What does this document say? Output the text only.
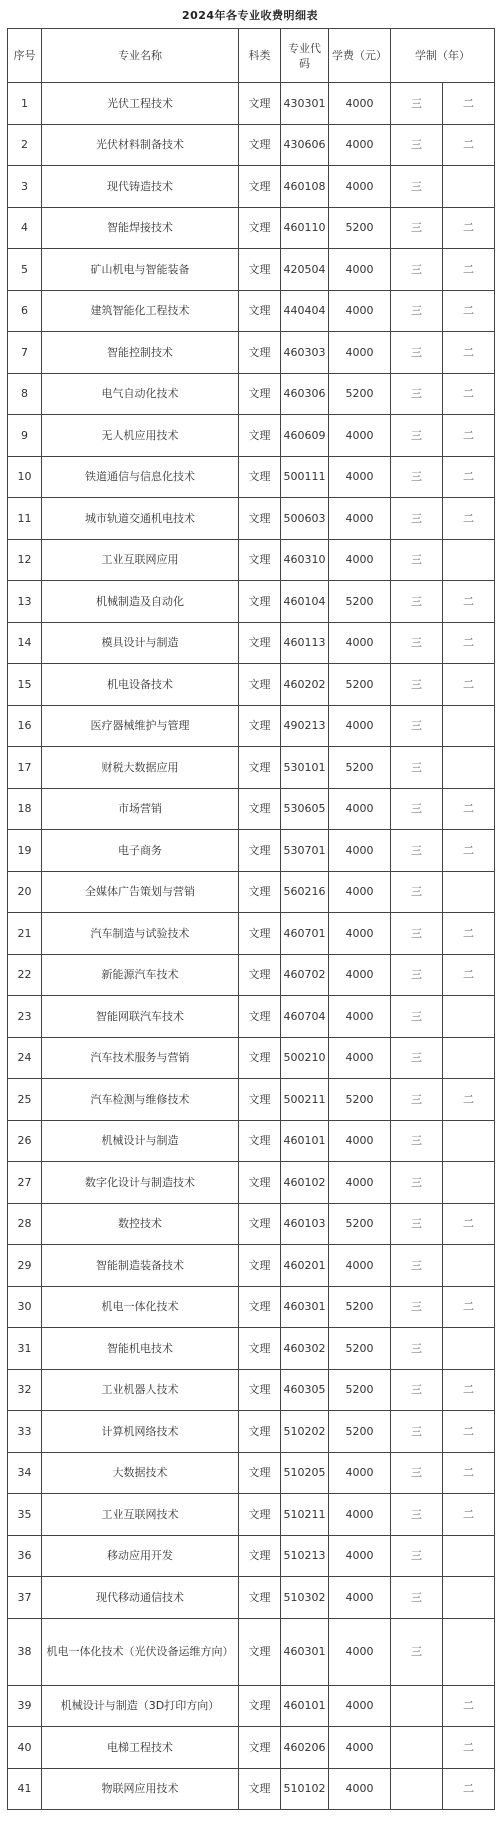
2024年各专业收费明细表
序号	专业名称	科类	专业代码	学费（元）	学制（年）	
1	光伏工程技术	文理	430301	4000	三	二
2	光伏材料制备技术	文理	430606	4000	三	二
3	现代铸造技术	文理	460108	4000	三	
4	智能焊接技术	文理	460110	5200	三	二
5	矿山机电与智能装备	文理	420504	4000	三	二
6	建筑智能化工程技术	文理	440404	4000	三	二
7	智能控制技术	文理	460303	4000	三	二
8	电气自动化技术	文理	460306	5200	三	二
9	无人机应用技术	文理	460609	4000	三	二
10	铁道通信与信息化技术	文理	500111	4000	三	二
11	城市轨道交通机电技术	文理	500603	4000	三	二
12	工业互联网应用	文理	460310	4000	三	
13	机械制造及自动化	文理	460104	5200	三	二
14	模具设计与制造	文理	460113	4000	三	二
15	机电设备技术	文理	460202	5200	三	二
16	医疗器械维护与管理	文理	490213	4000	三	
17	财税大数据应用	文理	530101	5200	三	
18	市场营销	文理	530605	4000	三	二
19	电子商务	文理	530701	4000	三	二
20	全媒体广告策划与营销	文理	560216	4000	三	
21	汽车制造与试验技术	文理	460701	4000	三	二
22	新能源汽车技术	文理	460702	4000	三	二
23	智能网联汽车技术	文理	460704	4000	三	
24	汽车技术服务与营销	文理	500210	4000	三	
25	汽车检测与维修技术	文理	500211	5200	三	二
26	机械设计与制造	文理	460101	4000	三	
27	数字化设计与制造技术	文理	460102	4000	三	
28	数控技术	文理	460103	5200	三	二
29	智能制造装备技术	文理	460201	4000	三	
30	机电一体化技术	文理	460301	5200	三	二
31	智能机电技术	文理	460302	5200	三	
32	工业机器人技术	文理	460305	5200	三	二
33	计算机网络技术	文理	510202	5200	三	二
34	大数据技术	文理	510205	4000	三	二
35	工业互联网技术	文理	510211	4000	三	二
36	移动应用开发	文理	510213	4000	三	
37	现代移动通信技术	文理	510302	4000	三	
38	机电一体化技术（光伏设备运维方向）	文理	460301	4000	三	
39	机械设计与制造（3D打印方向）	文理	460101	4000		二
40	电梯工程技术	文理	460206	4000		二
41	物联网应用技术	文理	510102	4000		二
